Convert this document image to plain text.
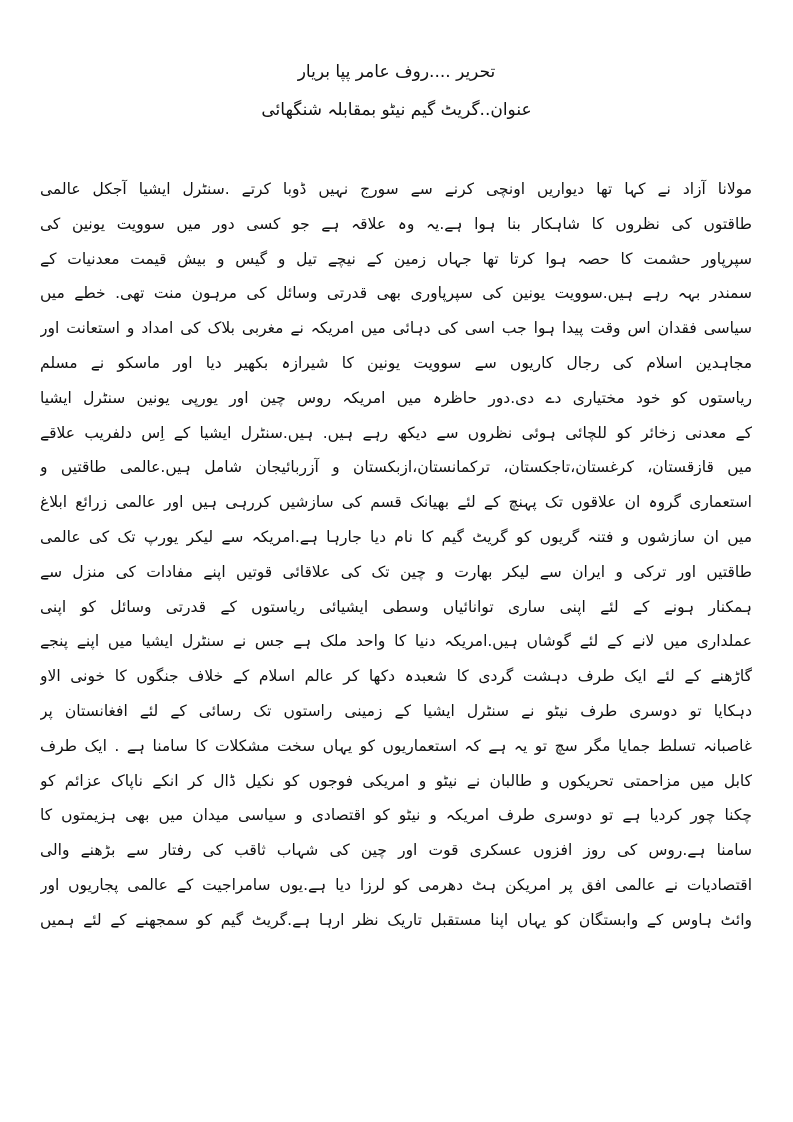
تحریر ....روف عامر پپا بریار
عنوان..گریٹ گیم نیٹو بمقابلہ شنگھائی
مولانا آزاد نے کہا تھا دیواریں اونچی کرنے سے سورج نہیں ڈوبا کرتے .سنٹرل ایشیا آجکل عالمی
طاقتوں کی نظروں کا شاہکار بنا ہوا ہے.یہ وہ علاقہ ہے جو کسی دور میں سوویت یونین کی
سپرپاور حشمت کا حصہ ہوا کرتا تھا جہاں زمین کے نیچے تیل و گیس و بیش قیمت معدنیات کے
سمندر بہہ رہے ہیں.سوویت یونین کی سپرپاوری بھی قدرتی وسائل کی مرہون منت تھی. خطے میں
سیاسی فقدان اس وقت پیدا ہوا جب اسی کی دہائی میں امریکہ نے مغربی بلاک کی امداد و استعانت اور
مجاہدین اسلام کی رجال کاریوں سے سوویت یونین کا شیرازہ بکھیر دیا اور ماسکو نے مسلم
ریاستوں کو خود مختیاری دے دی.دور حاظرہ میں امریکہ روس چین اور یورپی یونین سنٹرل ایشیا
کے معدنی زخائر کو للچائی ہوئی نظروں سے دیکھ رہے ہیں. ہیں.سنٹرل ایشیا کے اِس دلفریب علاقے
میں قازقستان، کرغستان،تاجکستان، ترکمانستان،ازبکستان و آزربائیجان شامل ہیں.عالمی طاقتیں و
استعماری گروہ ان علاقوں تک پہنچ کے لئے بھیانک قسم کی سازشیں کررہی ہیں اور عالمی زرائع ابلاغ
میں ان سازشوں و فتنہ گریوں کو گریٹ گیم کا نام دیا جارہا ہے.امریکہ سے لیکر یورپ تک کی عالمی
طاقتیں اور ترکی و ایران سے لیکر بھارت و چین تک کی علاقائی قوتیں اپنے مفادات کی منزل سے
ہمکنار ہونے کے لئے اپنی ساری توانائیاں وسطی ایشیائی ریاستوں کے قدرتی وسائل کو اپنی
عملداری میں لانے کے لئے گوشاں ہیں.امریکہ دنیا کا واحد ملک ہے جس نے سنٹرل ایشیا میں اپنے پنجے
گاڑھنے کے لئے ایک طرف دہشت گردی کا شعبدہ دکھا کر عالم اسلام کے خلاف جنگوں کا خونی الاو
دہکایا تو دوسری طرف نیٹو نے سنٹرل ایشیا کے زمینی راستوں تک رسائی کے لئے افغانستان پر
غاصبانہ تسلط جمایا مگر سچ تو یہ ہے کہ استعماریوں کو یہاں سخت مشکلات کا سامنا ہے . ایک طرف
کابل میں مزاحمتی تحریکوں و طالبان نے نیٹو و امریکی فوجوں کو نکیل ڈال کر انکے ناپاک عزائم کو
چکنا چور کردیا ہے تو دوسری طرف امریکہ و نیٹو کو اقتصادی و سیاسی میدان میں بھی ہزیمتوں کا
سامنا ہے.روس کی روز افزوں عسکری قوت اور چین کی شہاب ثاقب کی رفتار سے بڑھنے والی
اقتصادیات نے عالمی افق پر امریکن ہٹ دھرمی کو لرزا دیا ہے.یوں سامراجیت کے عالمی پجاریوں اور
وائٹ ہاوس کے وابستگان کو یہاں اپنا مستقبل تاریک نظر ارہا ہے.گریٹ گیم کو سمجھنے کے لئے ہمیں
